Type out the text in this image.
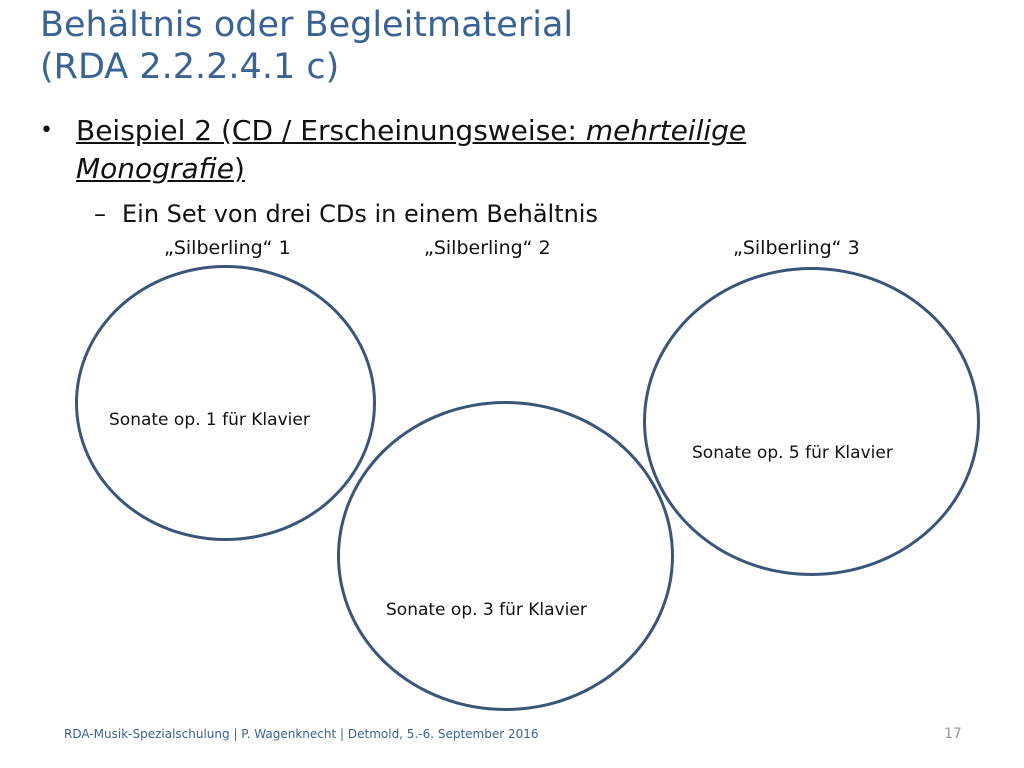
Behältnis oder Begleitmaterial
(RDA 2.2.2.4.1 c)
• Beispiel 2 (CD / Erscheinungsweise: mehrteilige
Monografie)
– Ein Set von drei CDs in einem Behältnis
„Silberling“ 1	„Silberling“ 2	„Silberling“ 3
Sonate op. 1 für Klavier
Sonate op. 3 für Klavier
Sonate op. 5 für Klavier
RDA-Musik-Spezialschulung | P. Wagenknecht | Detmold, 5.-6. September 2016	17
